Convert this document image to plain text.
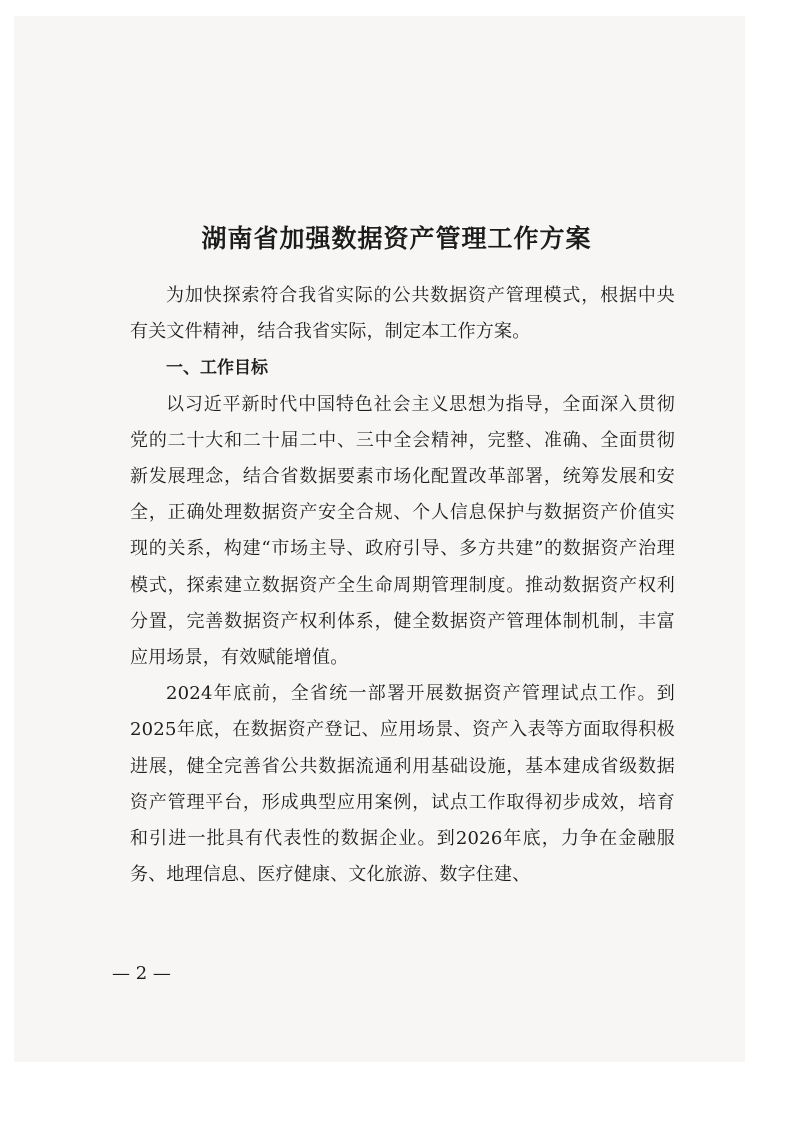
湖南省加强数据资产管理工作方案

为加快探索符合我省实际的公共数据资产管理模式，根据中央有关文件精神，结合我省实际，制定本工作方案。

一、工作目标

以习近平新时代中国特色社会主义思想为指导，全面深入贯彻党的二十大和二十届二中、三中全会精神，完整、准确、全面贯彻新发展理念，结合省数据要素市场化配置改革部署，统筹发展和安全，正确处理数据资产安全合规、个人信息保护与数据资产价值实现的关系，构建“市场主导、政府引导、多方共建”的数据资产治理模式，探索建立数据资产全生命周期管理制度。推动数据资产权利分置，完善数据资产权利体系，健全数据资产管理体制机制，丰富应用场景，有效赋能增值。

2024年底前，全省统一部署开展数据资产管理试点工作。到2025年底，在数据资产登记、应用场景、资产入表等方面取得积极进展，健全完善省公共数据流通利用基础设施，基本建成省级数据资产管理平台，形成典型应用案例，试点工作取得初步成效，培育和引进一批具有代表性的数据企业。到2026年底，力争在金融服务、地理信息、医疗健康、文化旅游、数字住建、

— 2 —
